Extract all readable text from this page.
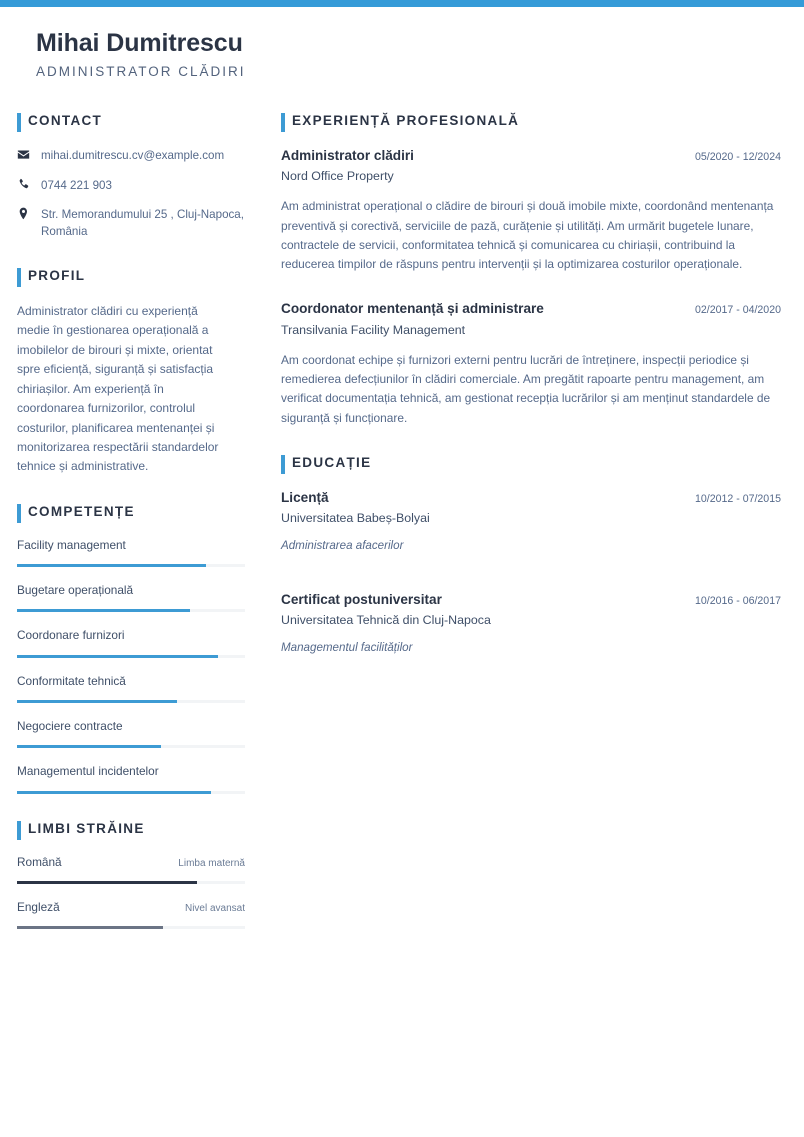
Mihai Dumitrescu
ADMINISTRATOR CLĂDIRI
CONTACT
mihai.dumitrescu.cv@example.com
0744 221 903
Str. Memorandumului 25 , Cluj-Napoca, România
PROFIL
Administrator clădiri cu experiență medie în gestionarea operațională a imobilelor de birouri și mixte, orientat spre eficiență, siguranță și satisfacția chiriașilor. Am experiență în coordonarea furnizorilor, controlul costurilor, planificarea mentenanței și monitorizarea respectării standardelor tehnice și administrative.
COMPETENȚE
Facility management
Bugetare operațională
Coordonare furnizori
Conformitate tehnică
Negociere contracte
Managementul incidentelor
LIMBI STRĂINE
Română	Limba maternă
Engleză	Nivel avansat
EXPERIENȚĂ PROFESIONALĂ
Administrator clădiri	05/2020 - 12/2024
Nord Office Property
Am administrat operațional o clădire de birouri și două imobile mixte, coordonând mentenanța preventivă și corectivă, serviciile de pază, curățenie și utilități. Am urmărit bugetele lunare, contractele de servicii, conformitatea tehnică și comunicarea cu chiriașii, contribuind la reducerea timpilor de răspuns pentru intervenții și la optimizarea costurilor operaționale.
Coordonator mentenanță și administrare	02/2017 - 04/2020
Transilvania Facility Management
Am coordonat echipe și furnizori externi pentru lucrări de întreținere, inspecții periodice și remedierea defecțiunilor în clădiri comerciale. Am pregătit rapoarte pentru management, am verificat documentația tehnică, am gestionat recepția lucrărilor și am menținut standardele de siguranță și funcționare.
EDUCAȚIE
Licență	10/2012 - 07/2015
Universitatea Babeș-Bolyai
Administrarea afacerilor
Certificat postuniversitar	10/2016 - 06/2017
Universitatea Tehnică din Cluj-Napoca
Managementul facilităților
